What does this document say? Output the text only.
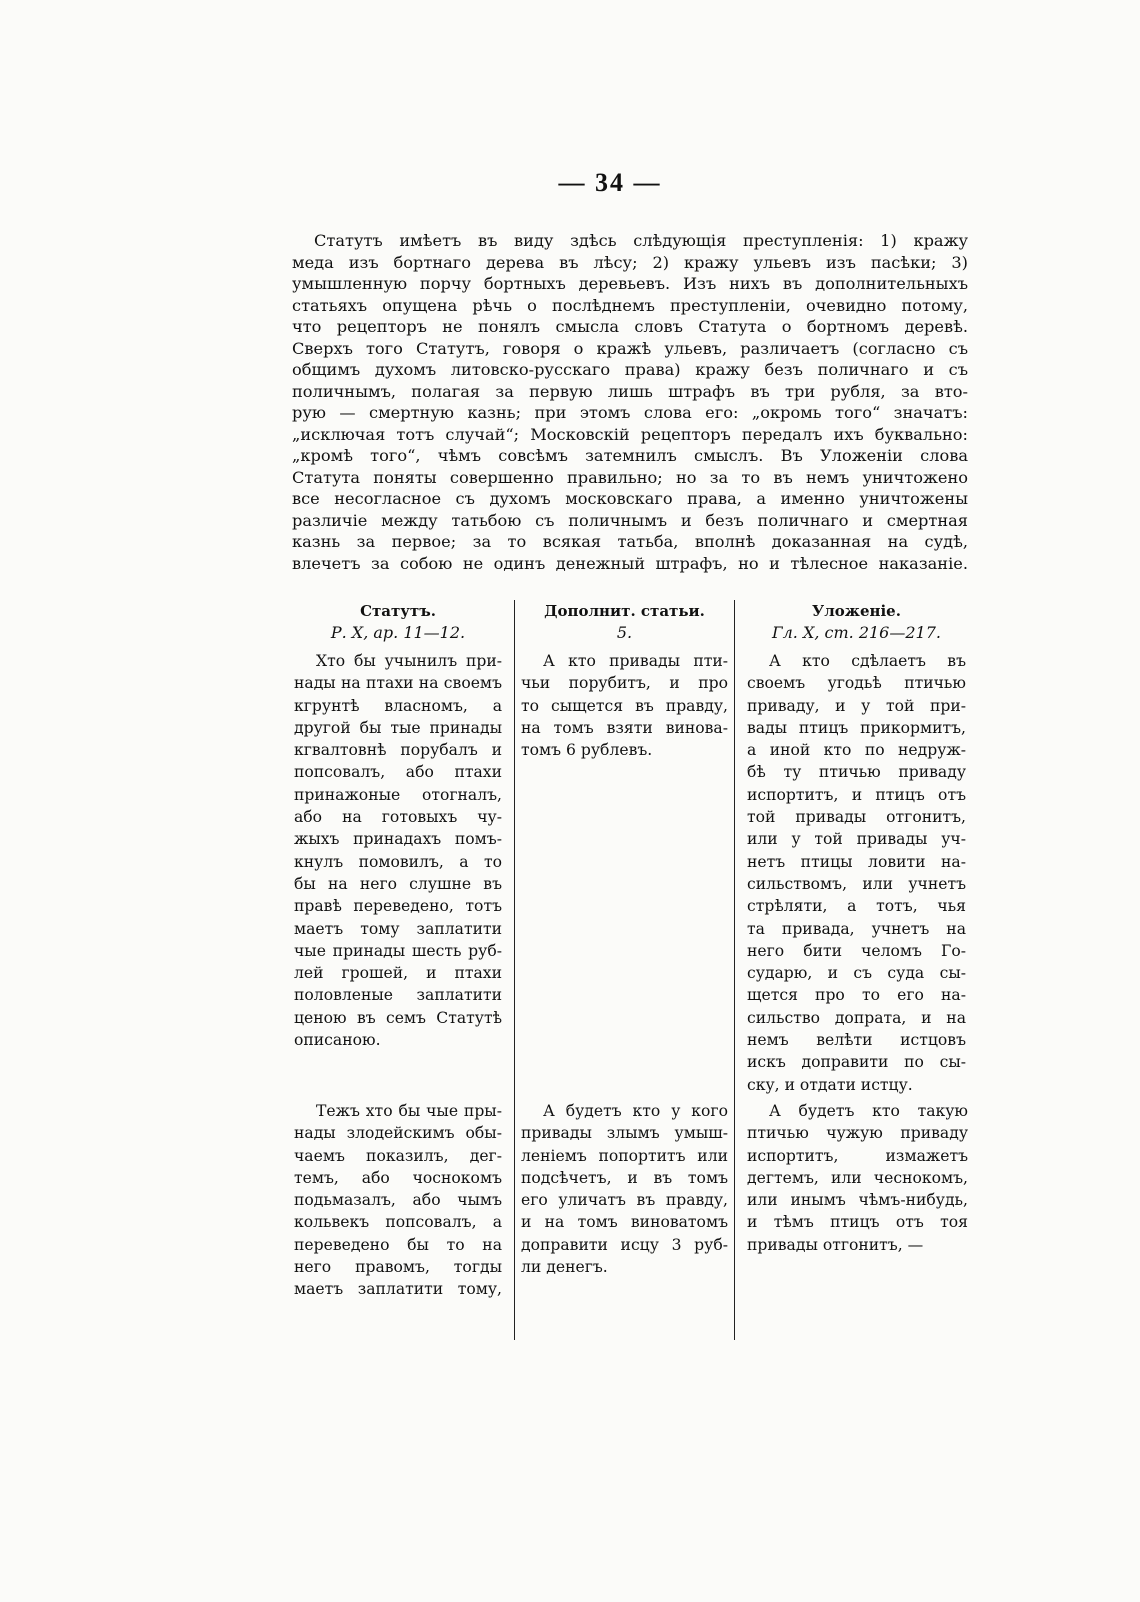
— 34 —
Статутъ имѣетъ въ виду здѣсь слѣдующія преступленія: 1) кражу
меда изъ бортнаго дерева въ лѣсу; 2) кражу ульевъ изъ пасѣки; 3)
умышленную порчу бортныхъ деревьевъ. Изъ нихъ въ дополнительныхъ
статьяхъ опущена рѣчь о послѣднемъ преступленіи, очевидно потому,
что рецепторъ не понялъ смысла словъ Статута о бортномъ деревѣ.
Сверхъ того Статутъ, говоря о кражѣ ульевъ, различаетъ (согласно съ
общимъ духомъ литовско-русскаго права) кражу безъ поличнаго и съ
поличнымъ, полагая за первую лишь штрафъ въ три рубля, за вто-
рую — смертную казнь; при этомъ слова его: „окромь того“ значатъ:
„исключая тотъ случай“; Московскій рецепторъ передалъ ихъ буквально:
„кромѣ того“, чѣмъ совсѣмъ затемнилъ смыслъ. Въ Уложеніи слова
Статута поняты совершенно правильно; но за то въ немъ уничтожено
все несогласное съ духомъ московскаго права, а именно уничтожены
различіе между татьбою съ поличнымъ и безъ поличнаго и смертная
казнь за первое; за то всякая татьба, вполнѣ доказанная на судѣ,
влечетъ за собою не одинъ денежный штрафъ, но и тѣлесное наказаніе.
Статутъ.
Р. X, ар. 11—12.
Хто бы учынилъ при-
нады на птахи на своемъ
кгрунтѣ власномъ, а
другой бы тые принады
кгвалтовнѣ порубалъ и
попсовалъ, або птахи
принажоные отогналъ,
або на готовыхъ чу-
жыхъ принадахъ помъ-
кнулъ помовилъ, а то
бы на него слушне въ
правѣ переведено, тотъ
маетъ тому заплатити
чые принады шесть руб-
лей грошей, и птахи
половленые заплатити
ценою въ семъ Статутѣ
описаною.
Тежъ хто бы чые пры-
нады злодейскимъ обы-
чаемъ показилъ, дег-
темъ, або чоснокомъ
подьмазалъ, або чымъ
кольвекъ попсовалъ, а
переведено бы то на
него правомъ, тогды
маетъ заплатити тому,
Дополнит. статьи.
5.
А кто привады пти-
чьи порубитъ, и про
то сыщется въ правду,
на томъ взяти винова-
томъ 6 рублевъ.
А будетъ кто у кого
привады злымъ умыш-
леніемъ попортитъ или
подсѣчетъ, и въ томъ
его уличатъ въ правду,
и на томъ виноватомъ
доправити исцу 3 руб-
ли денегъ.
Уложеніе.
Гл. X, ст. 216—217.
А кто сдѣлаетъ въ
своемъ угодьѣ птичью
приваду, и у той при-
вады птицъ прикормитъ,
а иной кто по недруж-
бѣ ту птичью приваду
испортитъ, и птицъ отъ
той привады отгонитъ,
или у той привады уч-
нетъ птицы ловити на-
сильствомъ, или учнетъ
стрѣляти, а тотъ, чья
та привада, учнетъ на
него бити челомъ Го-
сударю, и съ суда сы-
щется про то его на-
сильство дoпрата, и на
немъ велѣти истцовъ
искъ доправити по сы-
ску, и отдати истцу.
А будетъ кто такую
птичью чужую приваду
испортитъ, измажетъ
дегтемъ, или чеснокомъ,
или инымъ чѣмъ-нибудь,
и тѣмъ птицъ отъ тоя
привады отгонитъ, —
